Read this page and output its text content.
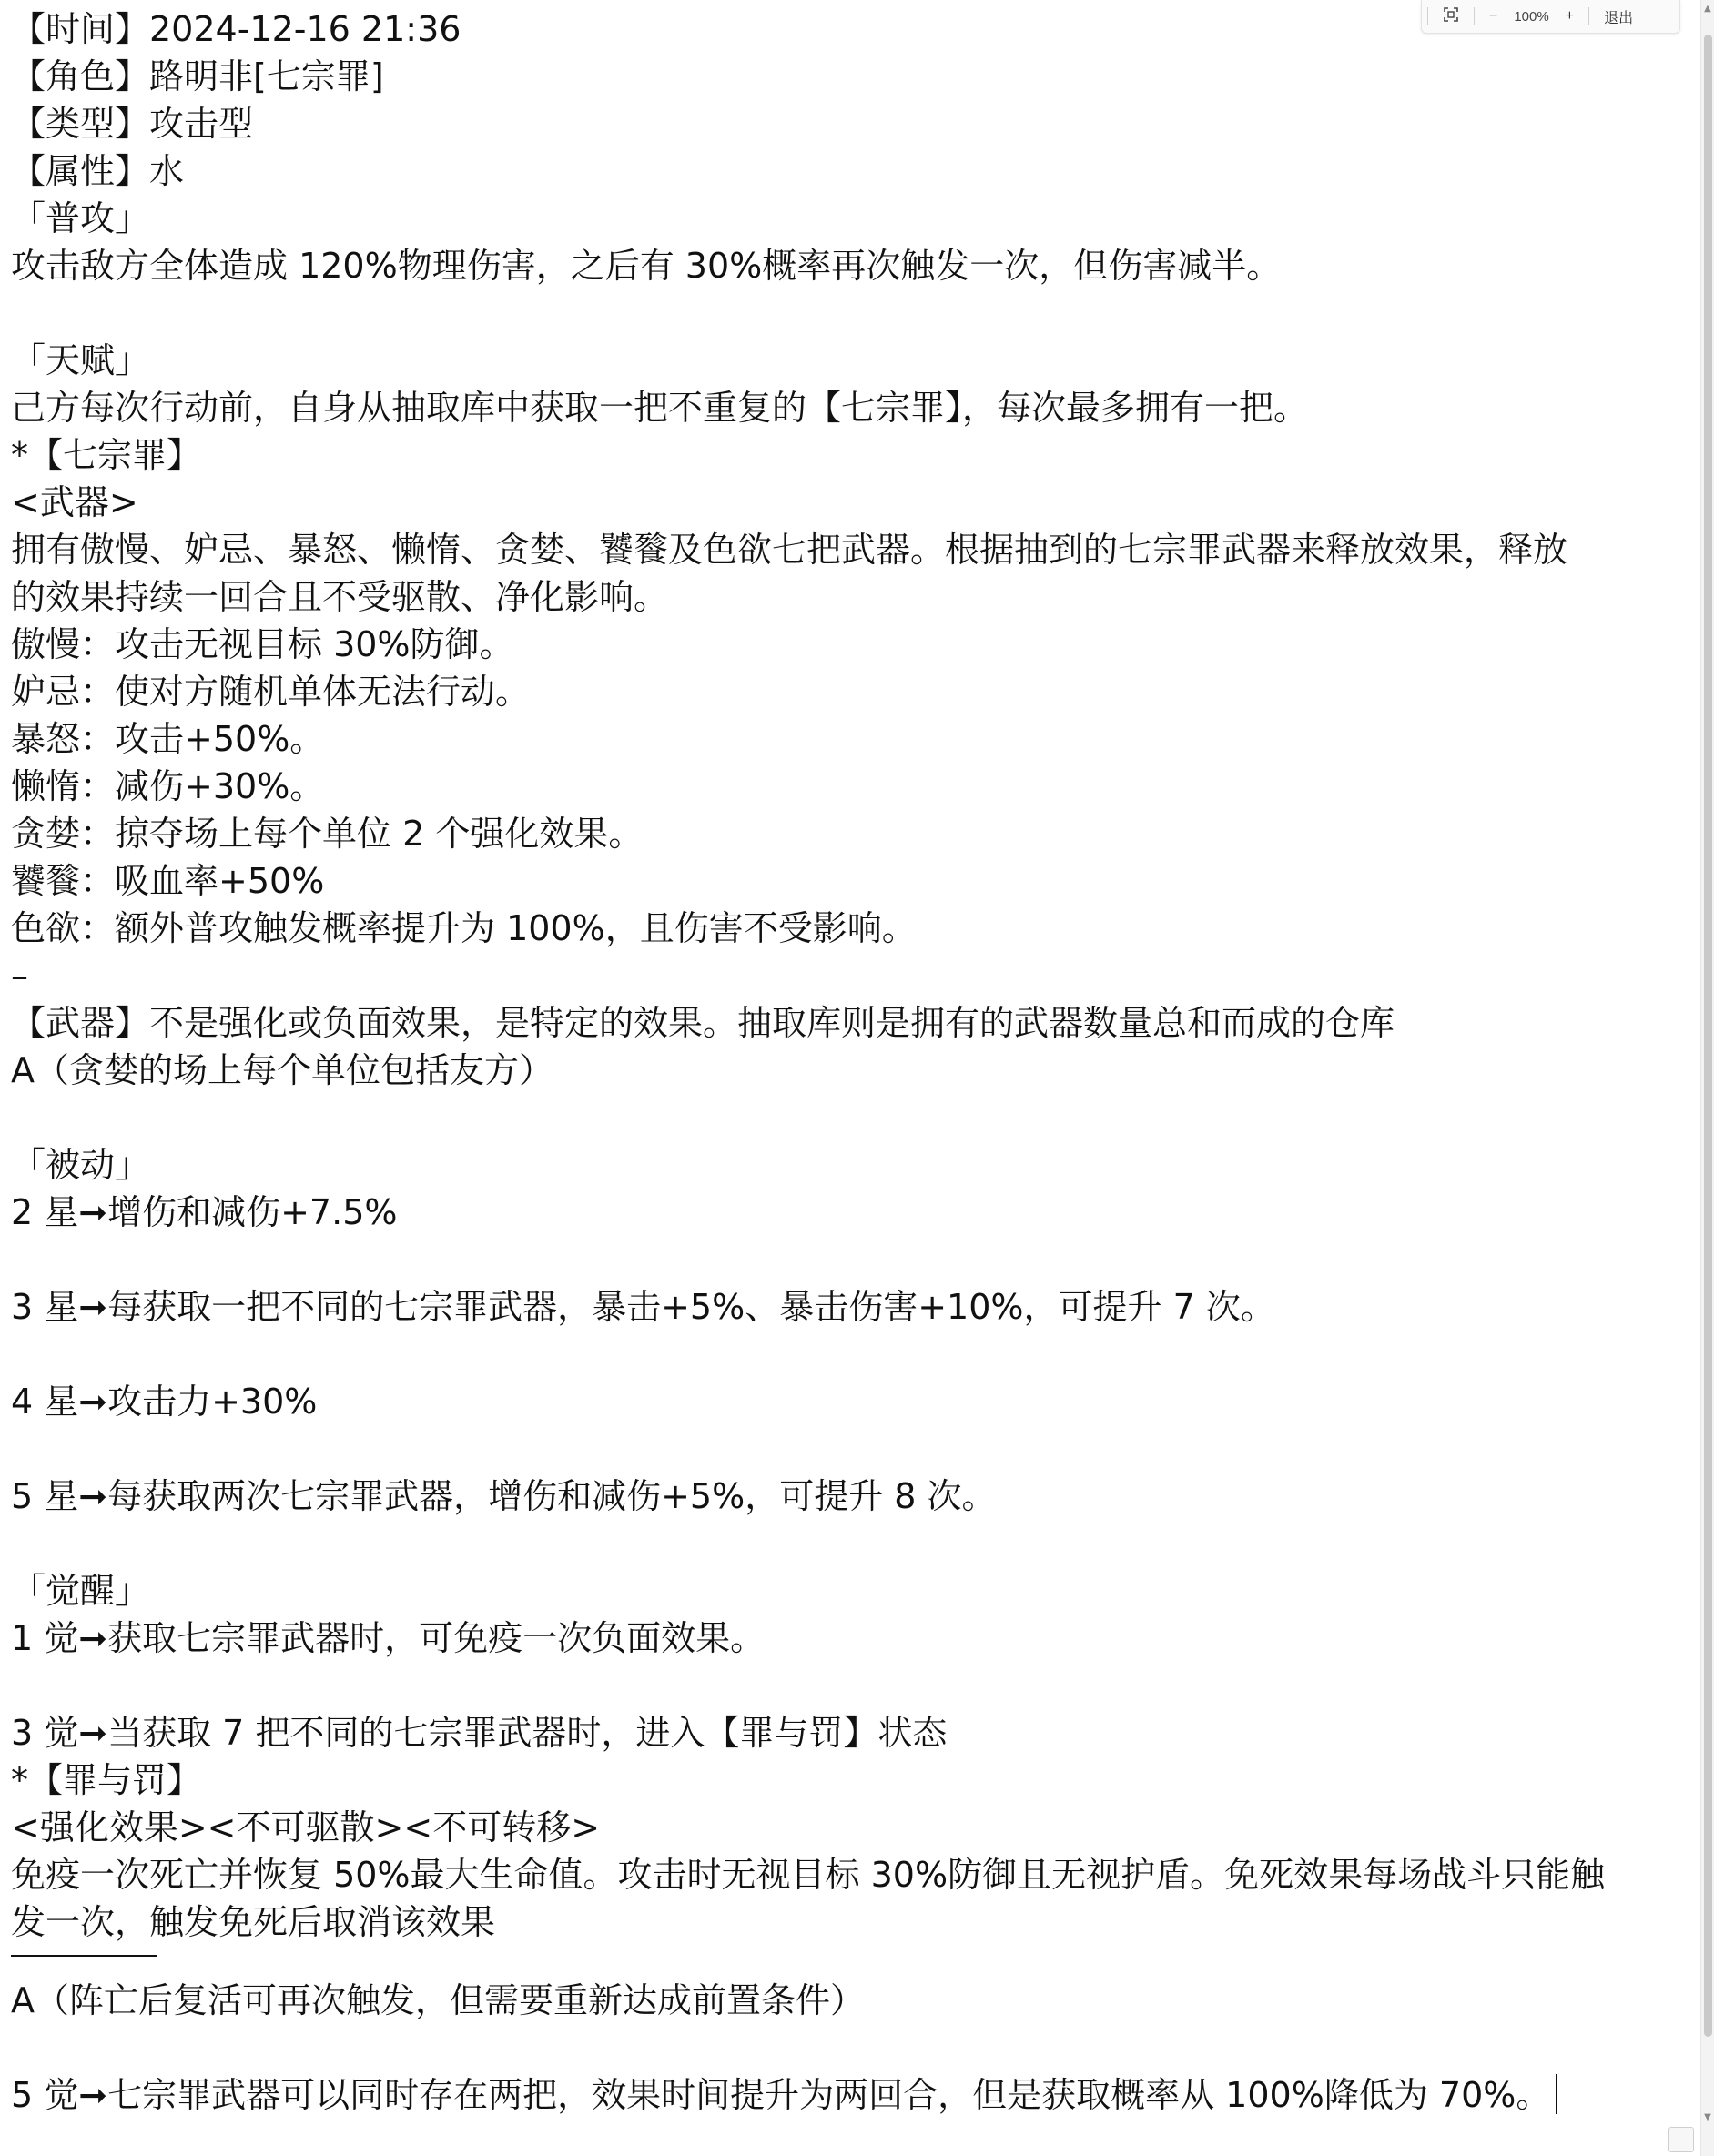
【时间】2024-12-16 21:36
【角色】路明非[七宗罪]
【类型】攻击型
【属性】水
「普攻」
攻击敌方全体造成 120%物理伤害，之后有 30%概率再次触发一次，但伤害减半。
「天赋」
己方每次行动前，自身从抽取库中获取一把不重复的【七宗罪】，每次最多拥有一把。
*【七宗罪】
<武器>
拥有傲慢、妒忌、暴怒、懒惰、贪婪、饕餮及色欲七把武器。根据抽到的七宗罪武器来释放效果，释放
的效果持续一回合且不受驱散、净化影响。
傲慢：攻击无视目标 30%防御。
妒忌：使对方随机单体无法行动。
暴怒：攻击+50%。
懒惰：减伤+30%。
贪婪：掠夺场上每个单位 2 个强化效果。
饕餮：吸血率+50%
色欲：额外普攻触发概率提升为 100%，且伤害不受影响。
–
【武器】不是强化或负面效果，是特定的效果。抽取库则是拥有的武器数量总和而成的仓库
A（贪婪的场上每个单位包括友方）
「被动」
2 星➞增伤和减伤+7.5%
3 星➞每获取一把不同的七宗罪武器，暴击+5%、暴击伤害+10%，可提升 7 次。
4 星➞攻击力+30%
5 星➞每获取两次七宗罪武器，增伤和减伤+5%，可提升 8 次。
「觉醒」
1 觉➞获取七宗罪武器时，可免疫一次负面效果。
3 觉➞当获取 7 把不同的七宗罪武器时，进入【罪与罚】状态
*【罪与罚】
<强化效果><不可驱散><不可转移>
免疫一次死亡并恢复 50%最大生命值。攻击时无视目标 30%防御且无视护盾。免死效果每场战斗只能触
发一次，触发免死后取消该效果
A（阵亡后复活可再次触发，但需要重新达成前置条件）
5 觉➞七宗罪武器可以同时存在两把，效果时间提升为两回合，但是获取概率从 100%降低为 70%。
−	100%	+ 退出
▲
▼
